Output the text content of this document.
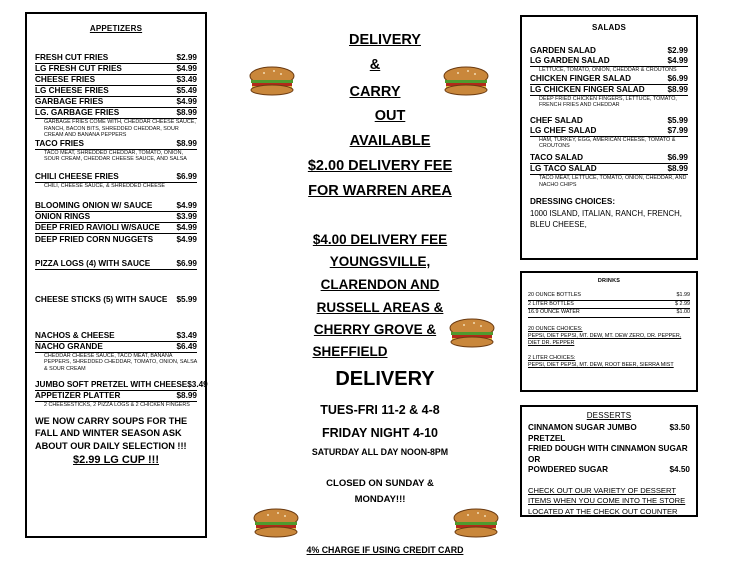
APPETIZERS
FRESH CUT FRIES	$2.99
LG FRESH CUT FRIES	$4.99
CHEESE FRIES	$3.49
LG CHEESE FRIES	$5.49
GARBAGE FRIES	$4.99
LG. GARBAGE FRIES	$8.99
GARBAGE FRIES COME WITH, CHEDDAR CHEESE SAUCE, RANCH, BACON BITS, SHREDDED CHEDDAR, SOUR CREAM AND BANANA PEPPERS
TACO FRIES	$8.99
TACO MEAT, SHREDDED CHEDDAR, TOMATO, ONION, SOUR CREAM, CHEDDAR CHEESE SAUCE, AND SALSA
CHILI CHEESE FRIES	$6.99
CHILI, CHEESE SAUCE, & SHREDDED CHEESE
BLOOMING ONION W/ SAUCE	$4.99
ONION RINGS	$3.99
DEEP FRIED RAVIOLI W/SAUCE $4.99
DEEP FRIED CORN NUGGETS	$4.99
PIZZA LOGS (4) WITH SAUCE	$6.99
CHEESE STICKS (5) WITH SAUCE $5.99
NACHOS & CHEESE	$3.49
NACHO GRANDE	$6.49
CHEDDAR CHEESE SAUCE, TACO MEAT, BANANA PEPPERS, SHREDDED CHEDDAR, TOMATO, ONION, SALSA & SOUR CREAM
JUMBO SOFT PRETZEL WITH CHEESE $3.49
APPETIZER PLATTER	$8.99
2 CHEESESTICKS, 2 PIZZA LOGS & 2 CHICKEN FINGERS
WE NOW CARRY SOUPS FOR THE FALL AND WINTER SEASON ASK ABOUT OUR DAILY SELECTION !!!
$2.99 LG CUP !!!
DELIVERY
&
CARRY
OUT
AVAILABLE
$2.00 DELIVERY FEE
FOR WARREN AREA
$4.00 DELIVERY FEE
YOUNGSVILLE,
CLARENDON AND
RUSSELL AREAS &
CHERRY GROVE &
SHEFFIELD
DELIVERY
TUES-FRI 11-2 & 4-8
FRIDAY NIGHT 4-10
SATURDAY ALL DAY NOON-8PM
CLOSED ON SUNDAY &
MONDAY!!!
4% CHARGE IF USING CREDIT CARD
SALADS
GARDEN SALAD	$2.99
LG GARDEN SALAD	$4.99
LETTUCE, TOMATO, ONION, CHEDDAR & CROUTONS
CHICKEN FINGER SALAD	$6.99
LG CHICKEN FINGER SALAD	$8.99
DEEP FRIED CHICKEN FINGERS, LETTUCE, TOMATO, FRENCH FRIES AND CHEDDAR
CHEF SALAD	$5.99
LG CHEF SALAD	$7.99
HAM, TURKEY, EGG, AMERICAN CHEESE, TOMATO & CROUTONS
TACO SALAD	$6.99
LG TACO SALAD	$8.99
TACO MEAT, LETTUCE, TOMATO, ONION, CHEDDAR, AND NACHO CHIPS
DRESSING CHOICES:
1000 ISLAND, ITALIAN, RANCH, FRENCH, BLEU CHEESE,
DRINKS
20 OUNCE BOTTLES	$1.99
2 LITER BOTTLES	$ 2.99
16.9 OUNCE WATER	$1.00
20 OUNCE CHOICES:
PEPSI, DIET PEPSI, MT. DEW, MT. DEW ZERO, DR. PEPPER, DIET DR. PEPPER
2 LITER CHOICES:
PEPSI, DIET PEPSI, MT. DEW, ROOT BEER, SIERRA MIST
DESSERTS
CINNAMON SUGAR JUMBO PRETZEL
$3.50
FRIED DOUGH WITH CINNAMON SUGAR OR
POWDERED SUGAR	$4.50
CHECK OUT OUR VARIETY OF DESSERT ITEMS WHEN YOU COME INTO THE STORE LOCATED AT THE CHECK OUT COUNTER
